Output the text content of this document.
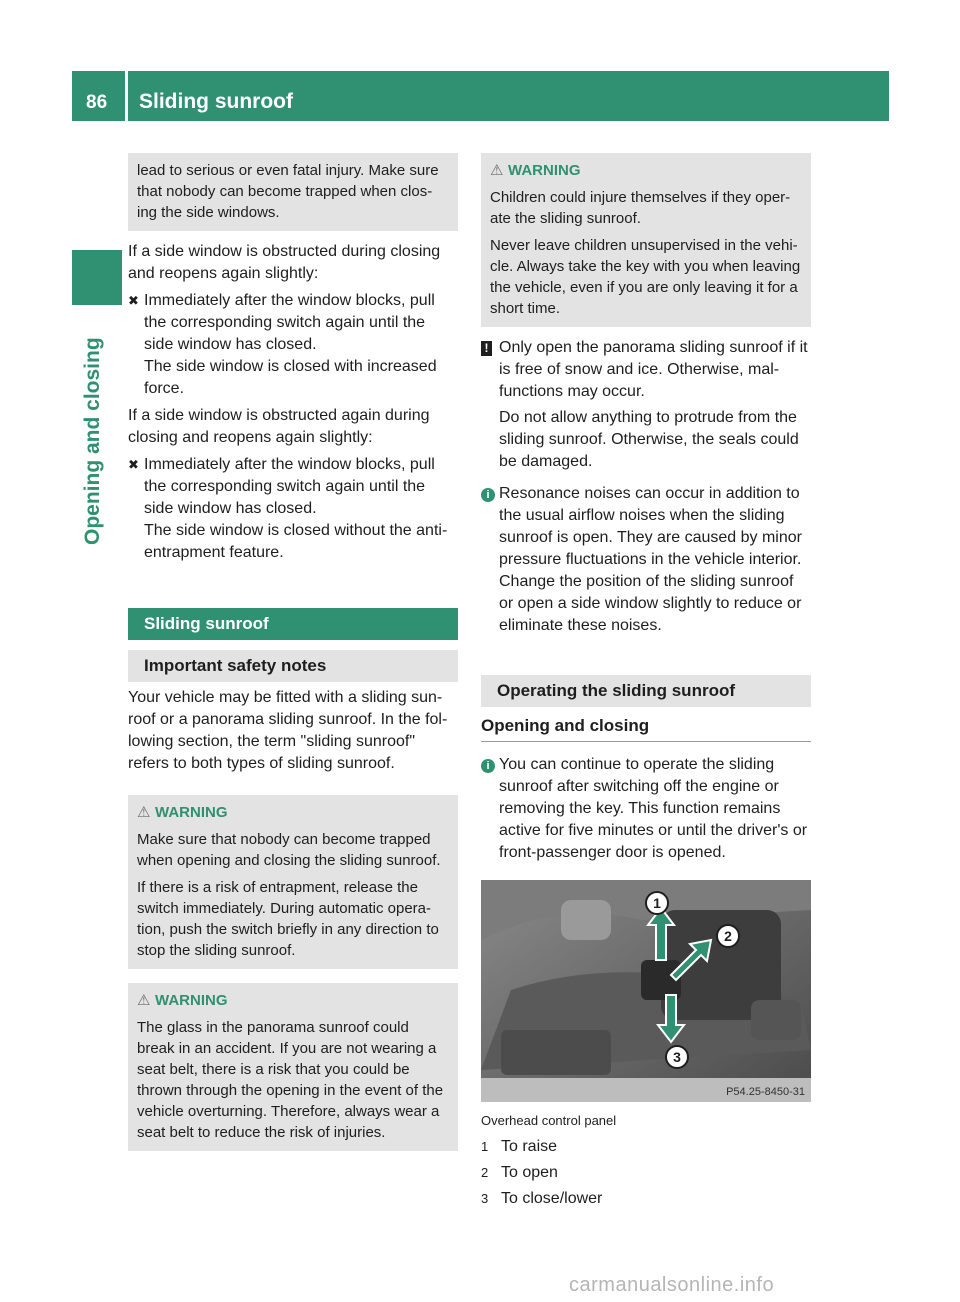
86 Sliding sunroof
Opening and closing

lead to serious or even fatal injury. Make sure that nobody can become trapped when clos-ing the side windows.

If a side window is obstructed during closing and reopens again slightly:

✖ Immediately after the window blocks, pull the corresponding switch again until the side window has closed.

The side window is closed with increased force.

If a side window is obstructed again during closing and reopens again slightly:

✖ Immediately after the window blocks, pull the corresponding switch again until the side window has closed.

The side window is closed without the anti-entrapment feature.

Sliding sunroof
Important safety notes

Your vehicle may be fitted with a sliding sun-roof or a panorama sliding sunroof. In the fol-lowing section, the term "sliding sunroof" refers to both types of sliding sunroof.

⚠ WARNING

Make sure that nobody can become trapped when opening and closing the sliding sunroof.

If there is a risk of entrapment, release the switch immediately. During automatic opera-tion, push the switch briefly in any direction to stop the sliding sunroof.

⚠ WARNING

The glass in the panorama sunroof could break in an accident. If you are not wearing a seat belt, there is a risk that you could be thrown through the opening in the event of the vehicle overturning. Therefore, always wear a seat belt to reduce the risk of injuries.

⚠ WARNING

Children could injure themselves if they oper-ate the sliding sunroof.

Never leave children unsupervised in the vehi-cle. Always take the key with you when leaving the vehicle, even if you are only leaving it for a short time.

! Only open the panorama sliding sunroof if it is free of snow and ice. Otherwise, mal-functions may occur.

Do not allow anything to protrude from the sliding sunroof. Otherwise, the seals could be damaged.

i Resonance noises can occur in addition to the usual airflow noises when the sliding sunroof is open. They are caused by minor pressure fluctuations in the vehicle interior. Change the position of the sliding sunroof or open a side window slightly to reduce or eliminate these noises.

Operating the sliding sunroof
Opening and closing
i You can continue to operate the sliding sunroof after switching off the engine or removing the key. This function remains active for five minutes or until the driver's or front-passenger door is opened.

1
2
3
P54.25-8450-31
Overhead control panel
1 To raise
2 To open
3 To close/lower
carmanualsonline.info
